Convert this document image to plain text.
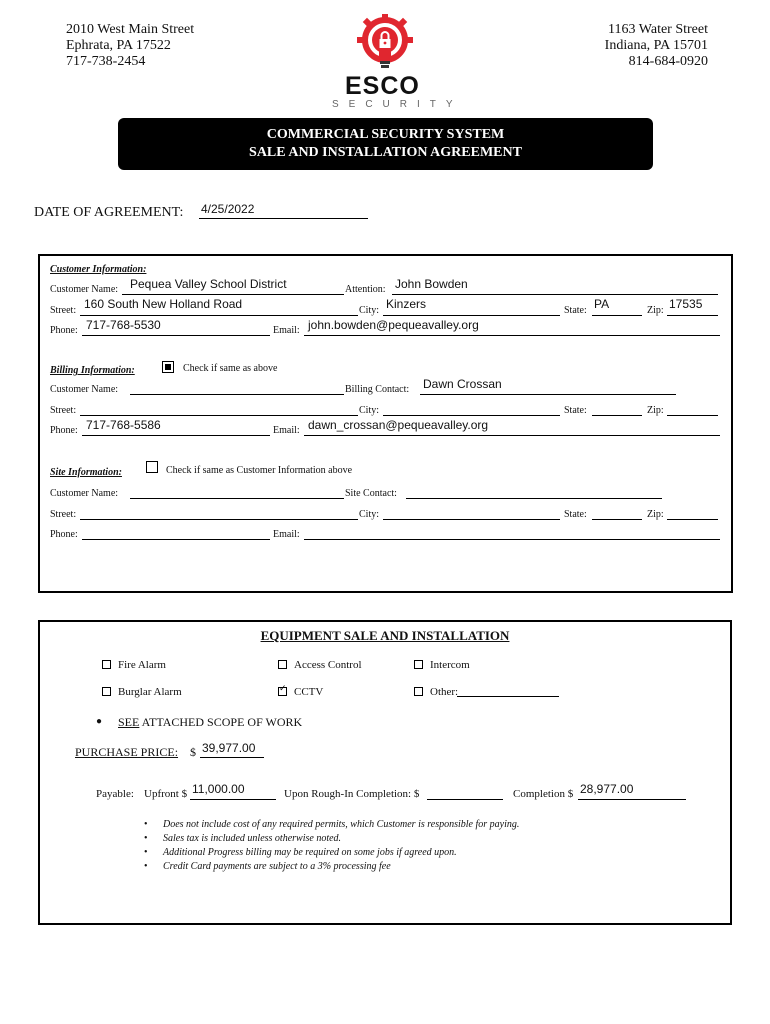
2010 West Main Street
Ephrata, PA 17522
717-738-2454
1163 Water Street
Indiana, PA 15701
814-684-0920
ESCO
SECURITY
COMMERCIAL SECURITY SYSTEM
SALE AND INSTALLATION AGREEMENT
DATE OF AGREEMENT: 4/25/2022
Customer Information:
Customer Name: Pequea Valley School District	Attention: John Bowden
Street: 160 South New Holland Road	City: Kinzers	State: PA	Zip: 17535
Phone: 717-768-5530	Email: john.bowden@pequeavalley.org
Billing Information:	Check if same as above
Customer Name:	Billing Contact: Dawn Crossan
Street:	City:	State:	Zip:
Phone: 717-768-5586	Email: dawn_crossan@pequeavalley.org
Site Information:	Check if same as Customer Information above
Customer Name:	Site Contact:
Street:	City:	State:	Zip:
Phone:	Email:
EQUIPMENT SALE AND INSTALLATION
Fire Alarm	Access Control	Intercom
Burglar Alarm
✓	CCTV	Other:
● SEE ATTACHED SCOPE OF WORK
PURCHASE PRICE: $ 39,977.00
Payable: Upfront $ 11,000.00	Upon Rough-In Completion: $	Completion $ 28,977.00
• Does not include cost of any required permits, which Customer is responsible for paying.
• Sales tax is included unless otherwise noted.
• Additional Progress billing may be required on some jobs if agreed upon.
• Credit Card payments are subject to a 3% processing fee
